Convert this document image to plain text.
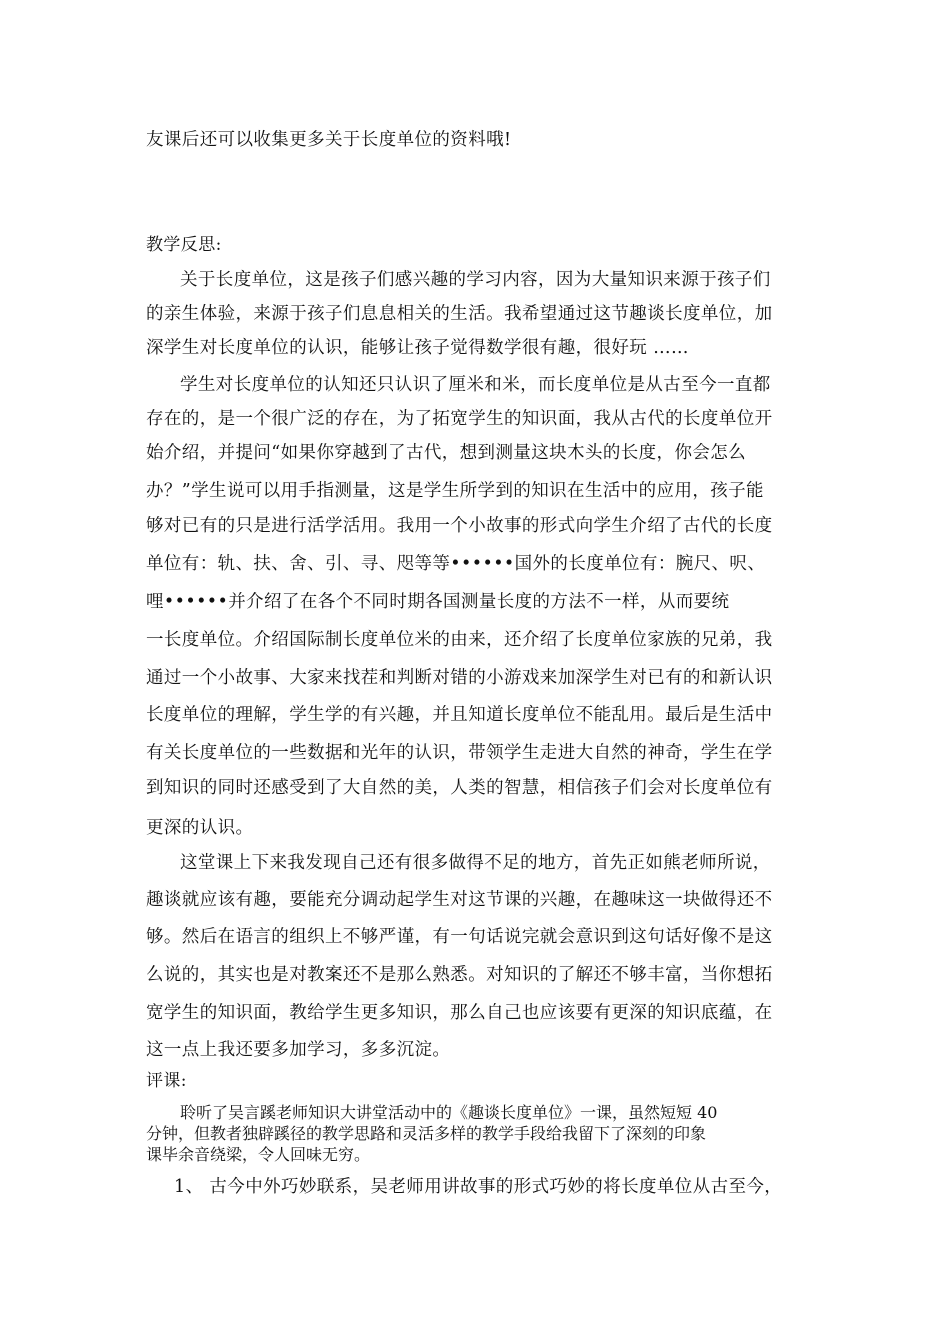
友课后还可以收集更多关于长度单位的资料哦!
教学反思:
关于长度单位，这是孩子们感兴趣的学习内容，因为大量知识来源于孩子们
的亲生体验，来源于孩子们息息相关的生活。我希望通过这节趣谈长度单位，加
深学生对长度单位的认识，能够让孩子觉得数学很有趣，很好玩 ……
学生对长度单位的认知还只认识了厘米和米，而长度单位是从古至今一直都
存在的，是一个很广泛的存在，为了拓宽学生的知识面，我从古代的长度单位开
始介绍，并提问“如果你穿越到了古代，想到测量这块木头的长度，你会怎么
办？”学生说可以用手指测量，这是学生所学到的知识在生活中的应用，孩子能
够对已有的只是进行活学活用。我用一个小故事的形式向学生介绍了古代的长度
单位有：轨、扶、舍、引、寻、咫等等••••••国外的长度单位有：腕尺、呎、
哩••••••并介绍了在各个不同时期各国测量长度的方法不一样，从而要统
一长度单位。介绍国际制长度单位米的由来，还介绍了长度单位家族的兄弟，我
通过一个小故事、大家来找茬和判断对错的小游戏来加深学生对已有的和新认识
长度单位的理解，学生学的有兴趣，并且知道长度单位不能乱用。最后是生活中
有关长度单位的一些数据和光年的认识，带领学生走进大自然的神奇，学生在学
到知识的同时还感受到了大自然的美，人类的智慧，相信孩子们会对长度单位有
更深的认识。
这堂课上下来我发现自己还有很多做得不足的地方，首先正如熊老师所说，
趣谈就应该有趣，要能充分调动起学生对这节课的兴趣，在趣味这一块做得还不
够。然后在语言的组织上不够严谨，有一句话说完就会意识到这句话好像不是这
么说的，其实也是对教案还不是那么熟悉。对知识的了解还不够丰富，当你想拓
宽学生的知识面，教给学生更多知识，那么自己也应该要有更深的知识底蕴，在
这一点上我还要多加学习，多多沉淀。
评课:
聆听了吴言蹊老师知识大讲堂活动中的《趣谈长度单位》一课，虽然短短 40
分钟，但教者独辟蹊径的教学思路和灵活多样的教学手段给我留下了深刻的印象
课毕余音绕梁，令人回味无穷。
1、 古今中外巧妙联系，吴老师用讲故事的形式巧妙的将长度单位从古至今，
